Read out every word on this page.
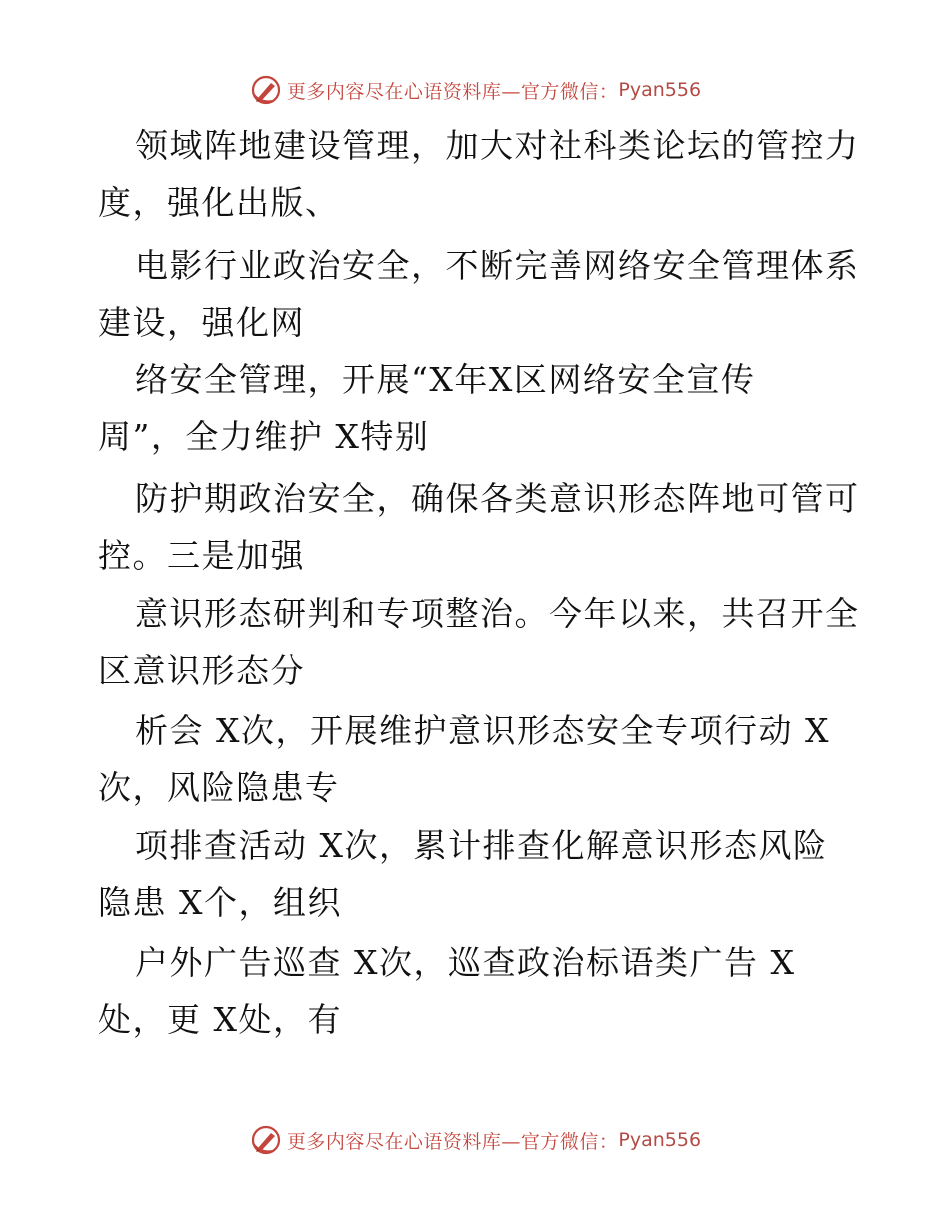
更多内容尽在心语资料库—官方微信： Pyan556
领域阵地建设管理，加大对社科类论坛的管控力
度，强化出版、
电影行业政治安全，不断完善网络安全管理体系
建设，强化网
络安全管理，开展“X年X区网络安全宣传
周”，全力维护 X特别
防护期政治安全，确保各类意识形态阵地可管可
控。三是加强
意识形态研判和专项整治。今年以来，共召开全
区意识形态分
析会 X次，开展维护意识形态安全专项行动 X
次，风险隐患专
项排查活动 X次，累计排查化解意识形态风险
隐患 X个，组织
户外广告巡查 X次，巡查政治标语类广告 X
处，更 X处，有
更多内容尽在心语资料库—官方微信： Pyan556
